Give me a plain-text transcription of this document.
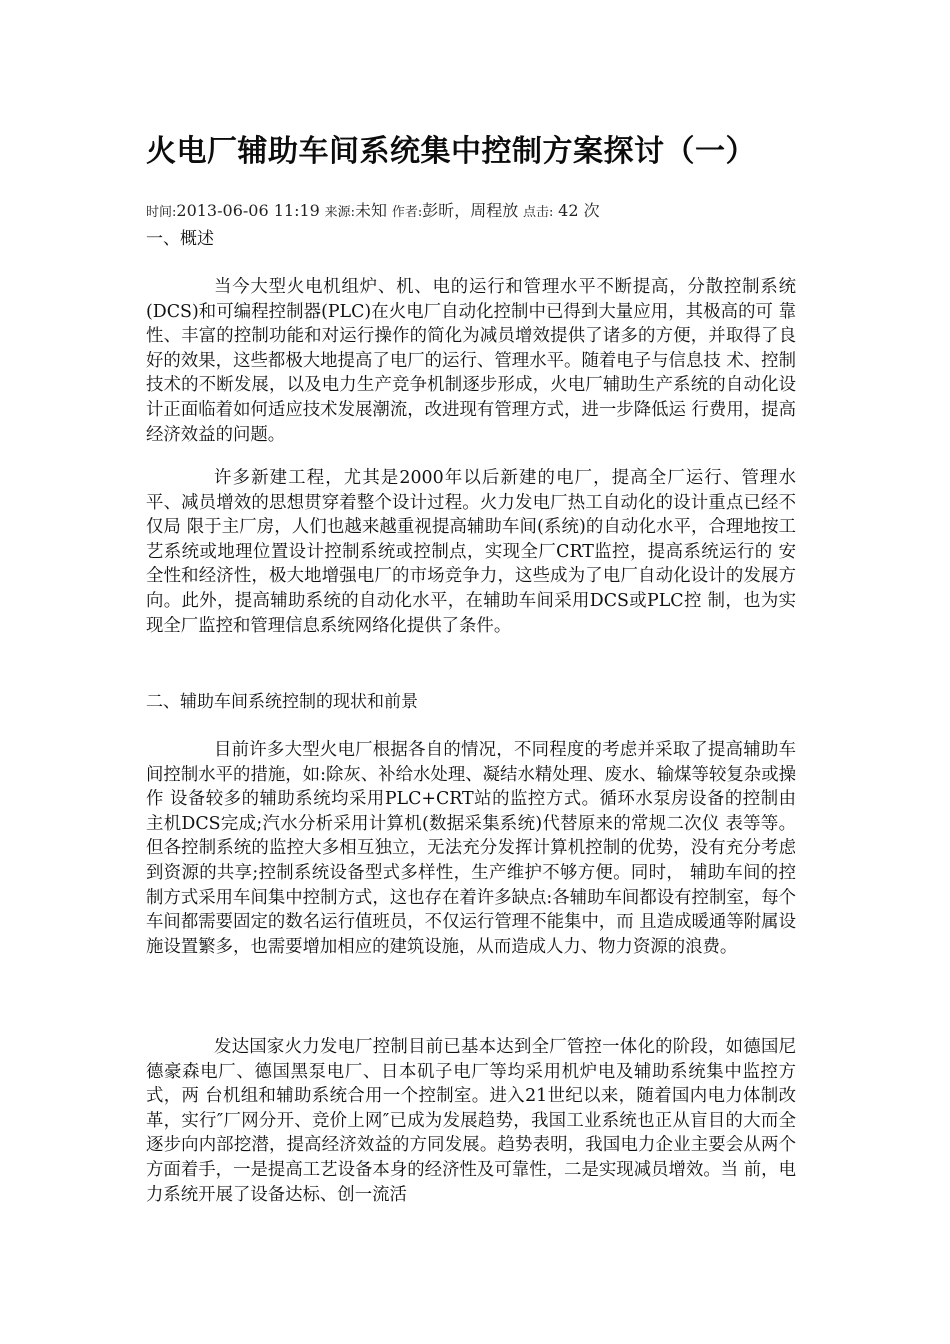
火电厂辅助车间系统集中控制方案探讨（一）
时间:2013-06-06 11:19 来源:未知 作者:彭昕，周程放 点击: 42 次
一、概述

当今大型火电机组炉、机、电的运行和管理水平不断提高，分散控制系统(DCS)和可编程控制器(PLC)在火电厂自动化控制中已得到大量应用，其极高的可 靠性、丰富的控制功能和对运行操作的简化为减员增效提供了诸多的方便，并取得了良好的效果，这些都极大地提高了电厂的运行、管理水平。随着电子与信息技 术、控制技术的不断发展，以及电力生产竞争机制逐步形成，火电厂辅助生产系统的自动化设计正面临着如何适应技术发展潮流，改进现有管理方式，进一步降低运 行费用，提高经济效益的问题。

许多新建工程，尤其是2000年以后新建的电厂，提高全厂运行、管理水平、减员增效的思想贯穿着整个设计过程。火力发电厂热工自动化的设计重点已经不仅局 限于主厂房，人们也越来越重视提高辅助车间(系统)的自动化水平，合理地按工艺系统或地理位置设计控制系统或控制点，实现全厂CRT监控，提高系统运行的 安全性和经济性，极大地增强电厂的市场竞争力，这些成为了电厂自动化设计的发展方向。此外，提高辅助系统的自动化水平，在辅助车间采用DCS或PLC控 制，也为实现全厂监控和管理信息系统网络化提供了条件。

二、辅助车间系统控制的现状和前景

目前许多大型火电厂根据各自的情况，不同程度的考虑并采取了提高辅助车间控制水平的措施，如:除灰、补给水处理、凝结水精处理、废水、输煤等较复杂或操作 设备较多的辅助系统均采用PLC+CRT站的监控方式。循环水泵房设备的控制由主机DCS完成;汽水分析采用计算机(数据采集系统)代替原来的常规二次仪 表等等。但各控制系统的监控大多相互独立，无法充分发挥计算机控制的优势，没有充分考虑到资源的共享;控制系统设备型式多样性，生产维护不够方便。同时， 辅助车间的控制方式采用车间集中控制方式，这也存在着许多缺点:各辅助车间都设有控制室，每个车间都需要固定的数名运行值班员，不仅运行管理不能集中，而 且造成暖通等附属设施设置繁多，也需要增加相应的建筑设施，从而造成人力、物力资源的浪费。

发达国家火力发电厂控制目前已基本达到全厂管控一体化的阶段，如德国尼德豪森电厂、德国黑泵电厂、日本矶子电厂等均采用机炉电及辅助系统集中监控方式，两 台机组和辅助系统合用一个控制室。进入21世纪以来，随着国内电力体制改革，实行″厂网分开、竞价上网″已成为发展趋势，我国工业系统也正从盲目的大而全 逐步向内部挖潜，提高经济效益的方同发展。趋势表明，我国电力企业主要会从两个方面着手，一是提高工艺设备本身的经济性及可靠性，二是实现减员增效。当 前，电力系统开展了设备达标、创一流活
